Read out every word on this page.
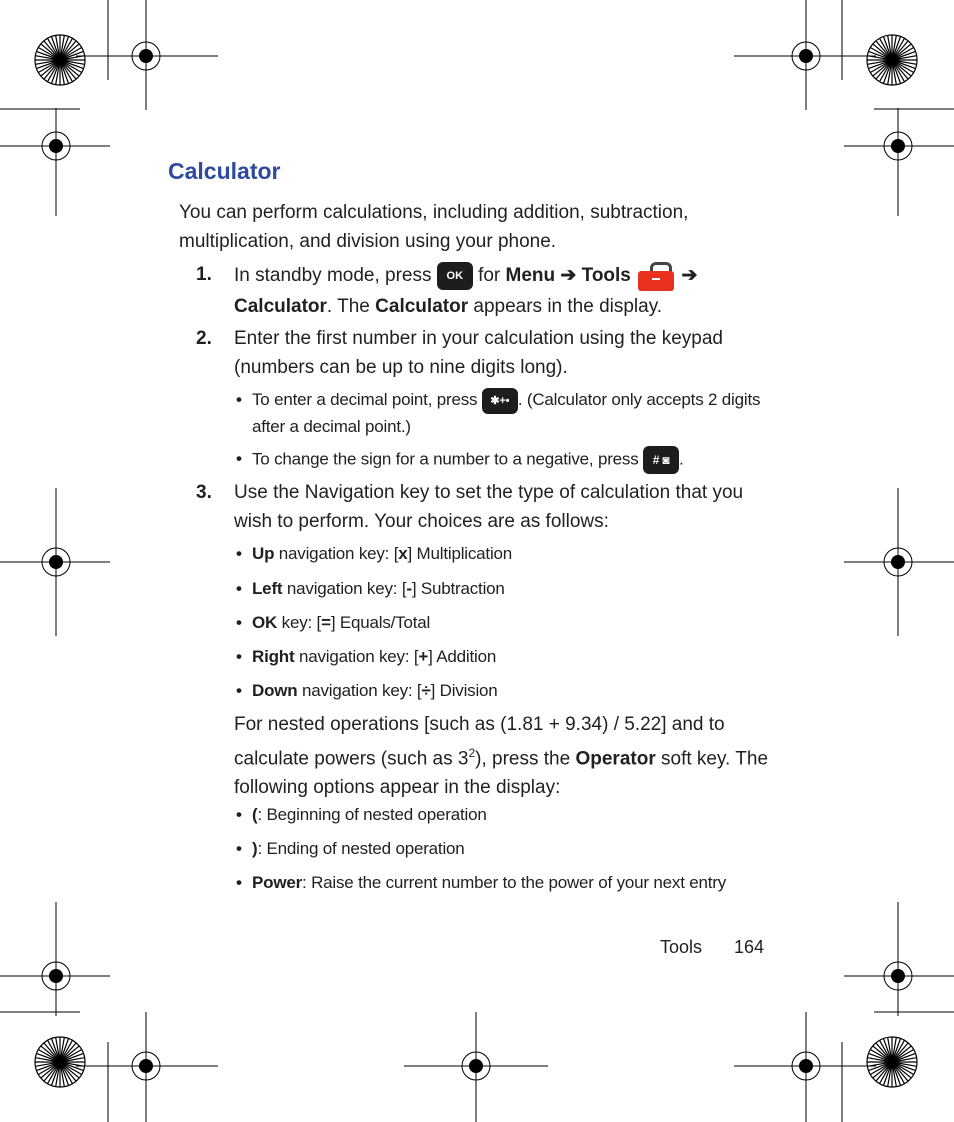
Calculator
You can perform calculations, including addition, subtraction, multiplication, and division using your phone.
1. In standby mode, press OK for Menu ➔ Tools	➔
Calculator. The Calculator appears in the display.
2. Enter the first number in your calculation using the keypad (numbers can be up to nine digits long).
• To enter a decimal point, press ✱+• . (Calculator only accepts 2 digits after a decimal point.)
• To change the sign for a number to a negative, press # ◙ .
3. Use the Navigation key to set the type of calculation that you wish to perform. Your choices are as follows:
• Up navigation key: [x] Multiplication
• Left navigation key: [-] Subtraction
• OK key: [=] Equals/Total
• Right navigation key: [+] Addition
• Down navigation key: [÷] Division
For nested operations [such as (1.81 + 9.34) / 5.22] and to calculate powers (such as $3^2$), press the Operator soft key. The following options appear in the display:
• (: Beginning of nested operation
• ): Ending of nested operation
• Power: Raise the current number to the power of your next entry
Tools 164
